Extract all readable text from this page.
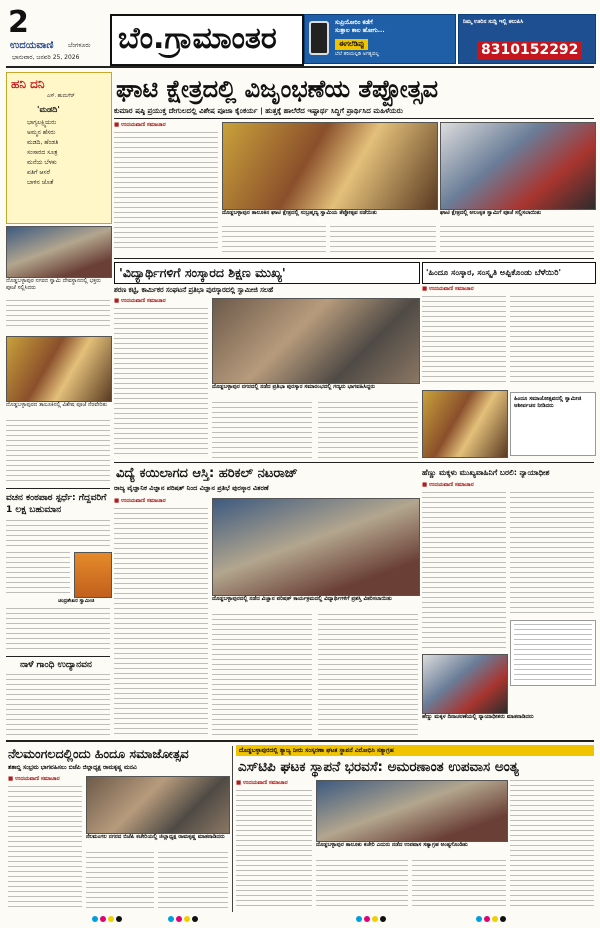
2
ಉದಯವಾಣಿ ಬೆಂಗಳೂರು
ಭಾನುವಾರ, ಜನವರಿ 25, 2026
ಬೆಂ.ಗ್ರಾಮಾಂತರ	ಸುಪ್ರಿಯೋರಿಂ ಕಡೆಗೆ
ಸುತ್ತಾಲ ಕಾಲ ಹೋಗು...
ಈಗಲೆಡಿಪ್ಪು
ಬೆಲೆ ತರಿಯಲ್ಪಡಿ ಅಗತ್ಯವಲ್ಲ
ನಿಮ್ಮ ಊರಿನ ಸುದ್ದಿ ಇಲ್ಲಿ ತಲುಪಿಸಿ
8310152292
ಹನಿ ದನಿ
ಎಸ್. ಹುದುಗೆರ್
'ಮಡದಿ'
ಭಾಗ್ಯಲಕ್ಷ್ಮಿಯರು
ಅಮ್ಮನ ಹೆಸರು
ಮಡದಿ, ಹೆಂಡತಿ
ಸಂಸಾರದ ಸೂತ್ರ
ಮನೆಯ ಬೆಳಕು
ಪತಿಗೆ ಆಸರೆ
ಬಾಳಿನ ಜೊತೆ
ದೊಡ್ಡಬಳ್ಳಾಪುರ ನಗರದ ಸ್ವಾಮಿ ದೇವಸ್ಥಾನದಲ್ಲಿ ಭಕ್ತರು ಪೂಜೆ ಸಲ್ಲಿಸಿದರು
ದೊಡ್ಡಬಳ್ಳಾಪುರದ ತಾಲೂಕಿನಲ್ಲಿ ವಿಶೇಷ ಪೂಜೆ ನೆರವೇರಿತು
ವಚನ ಕಂಠಪಾಠ ಸ್ಪರ್ಧೆ: ಗೆದ್ದವರಿಗೆ 1 ಲಕ್ಷ ಬಹುಮಾನ
ಚಂದ್ರಶೇಖರ ಸ್ವಾಮೀಜಿ
ನಾಳೆ ಗಾಂಧಿ ಉದ್ಯಾನವನ
ಘಾಟಿ ಕ್ಷೇತ್ರದಲ್ಲಿ ವಿಜೃಂಭಣೆಯ ತೆಪ್ಪೋತ್ಸವ
ಕುಮಾರ ಷಷ್ಠಿ ಪ್ರಯುಕ್ತ ದೇಗುಲದಲ್ಲಿ ವಿಶೇಷ ಪೂಜಾ ಕೈಂಕರ್ಯ | ಹುತ್ತಕ್ಕೆ ಹಾಲೆರೆದ ಇಷ್ಟಾರ್ಥ ಸಿದ್ಧಿಗೆ ಪ್ರಾರ್ಥಿಸಿದ ಮಹಿಳೆಯರು
■ ಉದಯವಾಣಿ ಸಮಾಚಾರ
ದೊಡ್ಡಬಳ್ಳಾಪುರ ತಾಲೂಕಿನ ಘಾಟಿ ಕ್ಷೇತ್ರದಲ್ಲಿ ಸುಬ್ರಹ್ಮಣ್ಯ ಸ್ವಾಮಿಯ ತೆಪ್ಪೋತ್ಸವ ನಡೆಯಿತು	ಘಾಟಿ ಕ್ಷೇತ್ರದಲ್ಲಿ ಅಲಂಕೃತ ಸ್ವಾಮಿಗೆ ಪೂಜೆ ಸಲ್ಲಿಸಲಾಯಿತು
'ವಿದ್ಯಾರ್ಥಿಗಳಿಗೆ ಸಂಸ್ಕಾರದ ಶಿಕ್ಷಣ ಮುಖ್ಯ'
ಶರಣ ಕಟ್ಟಿ, ಕಾರ್ಮಿಕರ ಸಂಘಟನೆ ಪ್ರತಿಭಾ ಪುರಸ್ಕಾರದಲ್ಲಿ ಸ್ವಾಮೀಜಿ ಸಲಹೆ
■ ಉದಯವಾಣಿ ಸಮಾಚಾರ
ದೊಡ್ಡಬಳ್ಳಾಪುರ ನಗರದಲ್ಲಿ ನಡೆದ ಪ್ರತಿಭಾ ಪುರಸ್ಕಾರ ಸಮಾರಂಭದಲ್ಲಿ ಗಣ್ಯರು ಭಾಗವಹಿಸಿದ್ದರು
'ಹಿಂದೂ ಸಂಸ್ಕಾರ, ಸಂಸ್ಕೃತಿ ಅಪ್ಪಿಕೊಂಡು ಬೆಳೆಯಿರಿ'
■ ಉದಯವಾಣಿ ಸಮಾಚಾರ
ಹಿಂದೂ ಸಮಾಜೋತ್ಸವದಲ್ಲಿ ಸ್ವಾಮೀಜಿ ಆಶೀರ್ವಚನ ನೀಡಿದರು
ವಿದ್ಯೆ ಕಯಿಲಾಗದ ಆಸ್ತಿ: ಹರಿಕಲ್ ನಟರಾಜ್
ರಾಜ್ಯ ವೈಜ್ಞಾನಿಕ ವಿಜ್ಞಾನ ಪರಿಷತ್ ನಿಂದ ವಿಜ್ಞಾನ ಪ್ರತಿಭೆ ಪುರಸ್ಕಾರ ವಿತರಣೆ
■ ಉದಯವಾಣಿ ಸಮಾಚಾರ
ದೊಡ್ಡಬಳ್ಳಾಪುರದಲ್ಲಿ ನಡೆದ ವಿಜ್ಞಾನ ಪರಿಷತ್ ಕಾರ್ಯಕ್ರಮದಲ್ಲಿ ವಿದ್ಯಾರ್ಥಿಗಳಿಗೆ ಪ್ರಶಸ್ತಿ ವಿತರಿಸಲಾಯಿತು
ಹೆಣ್ಣು ಮಕ್ಕಳು ಮುಖ್ಯವಾಹಿನಿಗೆ ಬರಲಿ: ನ್ಯಾಯಾಧೀಶ
■ ಉದಯವಾಣಿ ಸಮಾಚಾರ
ಹೆಣ್ಣು ಮಕ್ಕಳ ದಿನಾಚರಣೆಯಲ್ಲಿ ನ್ಯಾಯಾಧೀಶರು ಮಾತನಾಡಿದರು
ನೆಲಮಂಗಲದಲ್ಲಿಂದು ಹಿಂದೂ ಸಮಾಜೋತ್ಸವ
ಶತಾಬ್ದಿ ಸಂಭ್ರಮ ಭಾಗವಹಿಸಲು ಬಿಜೆಪಿ ಜಿಲ್ಲಾಧ್ಯಕ್ಷ ರಾಮಕೃಷ್ಣ ಮನವಿ
■ ಉದಯವಾಣಿ ಸಮಾಚಾರ
ನೆಲಮಂಗಲ ನಗರದ ಬಿಜೆಪಿ ಕಚೇರಿಯಲ್ಲಿ ಜಿಲ್ಲಾಧ್ಯಕ್ಷ ರಾಮಕೃಷ್ಣ ಮಾತನಾಡಿದರು
ದೊಡ್ಡಬಳ್ಳಾಪುರದಲ್ಲಿ ತ್ಯಾಜ್ಯ ನೀರು ಸಂಸ್ಕರಣಾ ಘಟಕ ಸ್ಥಾಪನೆ ವಿರೋಧಿಸಿ ಸತ್ಯಾಗ್ರಹ
ಎಸ್‌ಟಿಪಿ ಘಟಕ ಸ್ಥಾಪನೆ ಭರವಸೆ: ಅಮರಣಾಂತ ಉಪವಾಸ ಅಂತ್ಯ
■ ಉದಯವಾಣಿ ಸಮಾಚಾರ
ದೊಡ್ಡಬಳ್ಳಾಪುರ ತಾಲೂಕು ಕಚೇರಿ ಎದುರು ನಡೆದ ಉಪವಾಸ ಸತ್ಯಾಗ್ರಹ ಅಂತ್ಯಗೊಂಡಿತು
